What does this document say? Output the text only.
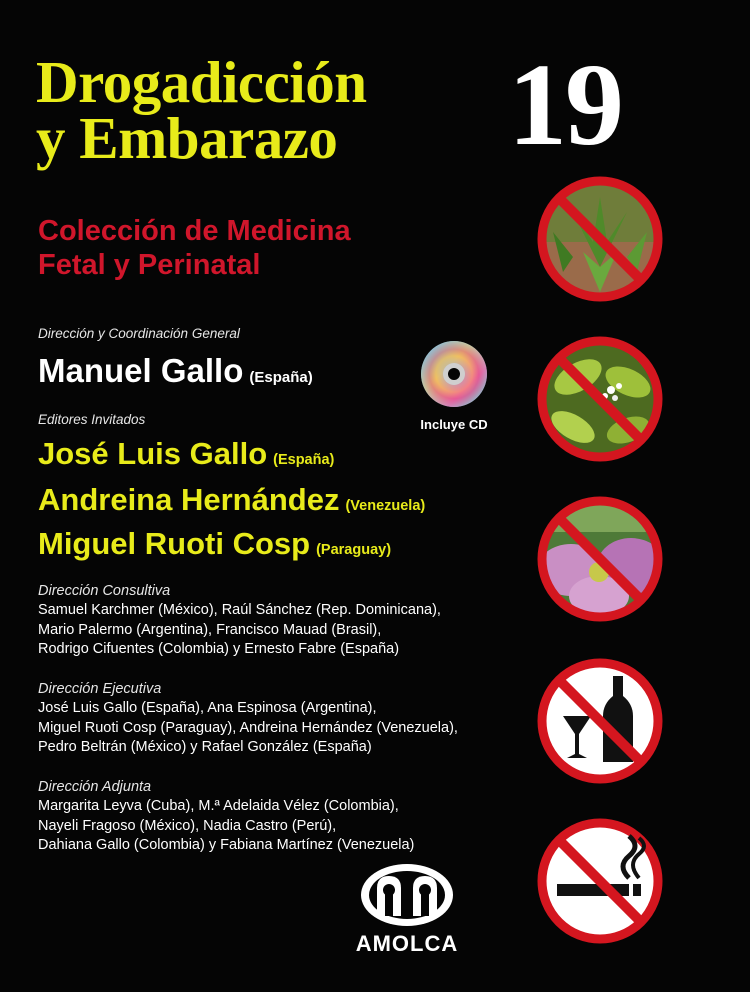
Drogadicción
y Embarazo	19
Colección de Medicina
Fetal y Perinatal
Dirección y Coordinación General
Manuel Gallo (España)
Incluye CD
Editores Invitados
José Luis Gallo (España)
Andreina Hernández (Venezuela)
Miguel Ruoti Cosp (Paraguay)
Dirección Consultiva
Samuel Karchmer (México), Raúl Sánchez (Rep. Dominicana),
Mario Palermo (Argentina), Francisco Mauad (Brasil),
Rodrigo Cifuentes (Colombia) y Ernesto Fabre (España)
Dirección Ejecutiva
José Luis Gallo (España), Ana Espinosa (Argentina),
Miguel Ruoti Cosp (Paraguay), Andreina Hernández (Venezuela),
Pedro Beltrán (México) y Rafael González (España)
Dirección Adjunta
Margarita Leyva (Cuba), M.ª Adelaida Vélez (Colombia),
Nayeli Fragoso (México), Nadia Castro (Perú),
Dahiana Gallo (Colombia) y Fabiana Martínez (Venezuela)
AMOLCA
